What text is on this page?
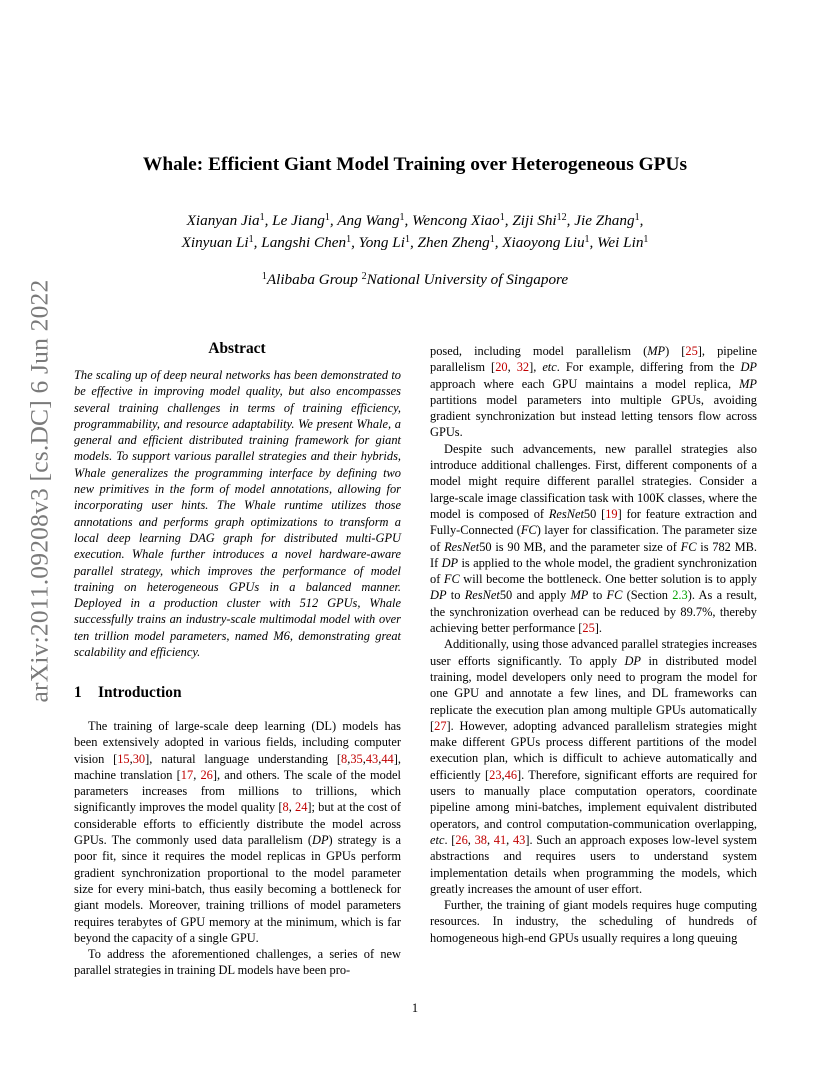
arXiv:2011.09208v3 [cs.DC] 6 Jun 2022
Whale: Efficient Giant Model Training over Heterogeneous GPUs
Xianyan Jia$^1$, Le Jiang$^1$, Ang Wang$^1$, Wencong Xiao$^1$, Ziji Shi$^{12}$, Jie Zhang$^1$,
Xinyuan Li$^1$, Langshi Chen$^1$, Yong Li$^1$, Zhen Zheng$^1$, Xiaoyong Liu$^1$, Wei Lin$^1$
$^1$Alibaba Group $^2$National University of Singapore
Abstract
The scaling up of deep neural networks has been demonstrated to be effective in improving model quality, but also encompasses several training challenges in terms of training efficiency, programmability, and resource adaptability. We present Whale, a general and efficient distributed training framework for giant models. To support various parallel strategies and their hybrids, Whale generalizes the programming interface by defining two new primitives in the form of model annotations, allowing for incorporating user hints. The Whale runtime utilizes those annotations and performs graph optimizations to transform a local deep learning DAG graph for distributed multi-GPU execution. Whale further introduces a novel hardware-aware parallel strategy, which improves the performance of model training on heterogeneous GPUs in a balanced manner. Deployed in a production cluster with 512 GPUs, Whale successfully trains an industry-scale multimodal model with over ten trillion model parameters, named M6, demonstrating great scalability and efficiency.
1 Introduction

The training of large-scale deep learning (DL) models has been extensively adopted in various fields, including computer vision [15,30], natural language understanding [8,35,43,44], machine translation [17, 26], and others. The scale of the model parameters increases from millions to trillions, which significantly improves the model quality [8, 24]; but at the cost of considerable efforts to efficiently distribute the model across GPUs. The commonly used data parallelism (DP) strategy is a poor fit, since it requires the model replicas in GPUs perform gradient synchronization proportional to the model parameter size for every mini-batch, thus easily becoming a bottleneck for giant models. Moreover, training trillions of model parameters requires terabytes of GPU memory at the minimum, which is far beyond the capacity of a single GPU.

To address the aforementioned challenges, a series of new parallel strategies in training DL models have been pro-

posed, including model parallelism (MP) [25], pipeline parallelism [20, 32], etc. For example, differing from the DP approach where each GPU maintains a model replica, MP partitions model parameters into multiple GPUs, avoiding gradient synchronization but instead letting tensors flow across GPUs.

Despite such advancements, new parallel strategies also introduce additional challenges. First, different components of a model might require different parallel strategies. Consider a large-scale image classification task with 100K classes, where the model is composed of ResNet50 [19] for feature extraction and Fully-Connected (FC) layer for classification. The parameter size of ResNet50 is 90 MB, and the parameter size of FC is 782 MB. If DP is applied to the whole model, the gradient synchronization of FC will become the bottleneck. One better solution is to apply DP to ResNet50 and apply MP to FC (Section 2.3). As a result, the synchronization overhead can be reduced by 89.7%, thereby achieving better performance [25].

Additionally, using those advanced parallel strategies increases user efforts significantly. To apply DP in distributed model training, model developers only need to program the model for one GPU and annotate a few lines, and DL frameworks can replicate the execution plan among multiple GPUs automatically [27]. However, adopting advanced parallelism strategies might make different GPUs process different partitions of the model execution plan, which is difficult to achieve automatically and efficiently [23,46]. Therefore, significant efforts are required for users to manually place computation operators, coordinate pipeline among mini-batches, implement equivalent distributed operators, and control computation-communication overlapping, etc. [26, 38, 41, 43]. Such an approach exposes low-level system abstractions and requires users to understand system implementation details when programming the models, which greatly increases the amount of user effort.

Further, the training of giant models requires huge computing resources. In industry, the scheduling of hundreds of homogeneous high-end GPUs usually requires a long queuing

1
